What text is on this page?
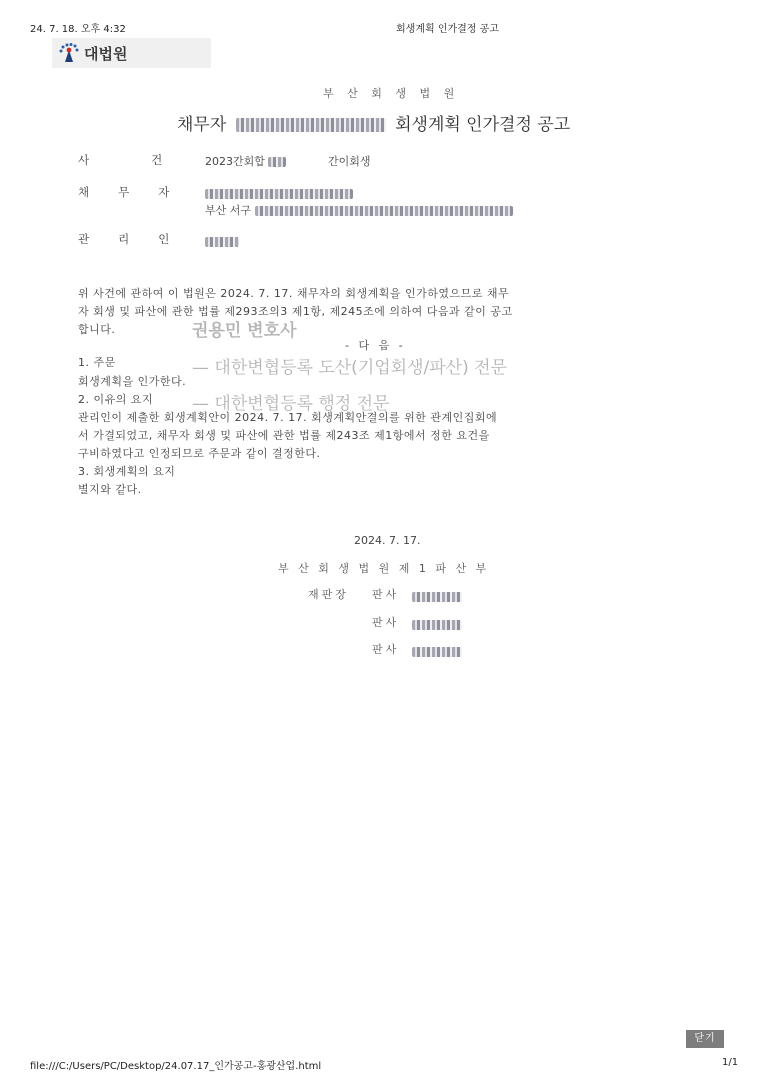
24. 7. 18. 오후 4:32	회생계획 인가결정 공고
대법원
부 산 회 생 법 원
채무자	회생계획 인가결정 공고
사	건	2023간회합	간이회생
채 무 자
부산 서구
관 리 인
위 사건에 관하여 이 법원은 2024. 7. 17. 채무자의 회생계획을 인가하였으므로 채무
자 회생 및 파산에 관한 법률 제293조의3 제1항, 제245조에 의하여 다음과 같이 공고
합니다.	권용민 변호사
- 다 음 -
1. 주문	— 대한변협등록 도산(기업회생/파산) 전문
회생계획을 인가한다.
2. 이유의 요지 — 대한변협등록 행정 전문
관리인이 제출한 회생계획안이 2024. 7. 17. 회생계획안결의를 위한 관계인집회에
서 가결되었고, 채무자 회생 및 파산에 관한 법률 제243조 제1항에서 정한 요건을
구비하였다고 인정되므로 주문과 같이 결정한다.
3. 회생계획의 요지
별지와 같다.
2024. 7. 17.
부 산 회 생 법 원 제 1 파 산 부
재판장 판사
판사
판사
닫기
file:///C:/Users/PC/Desktop/24.07.17_인가공고-홍광산업.html	1/1
